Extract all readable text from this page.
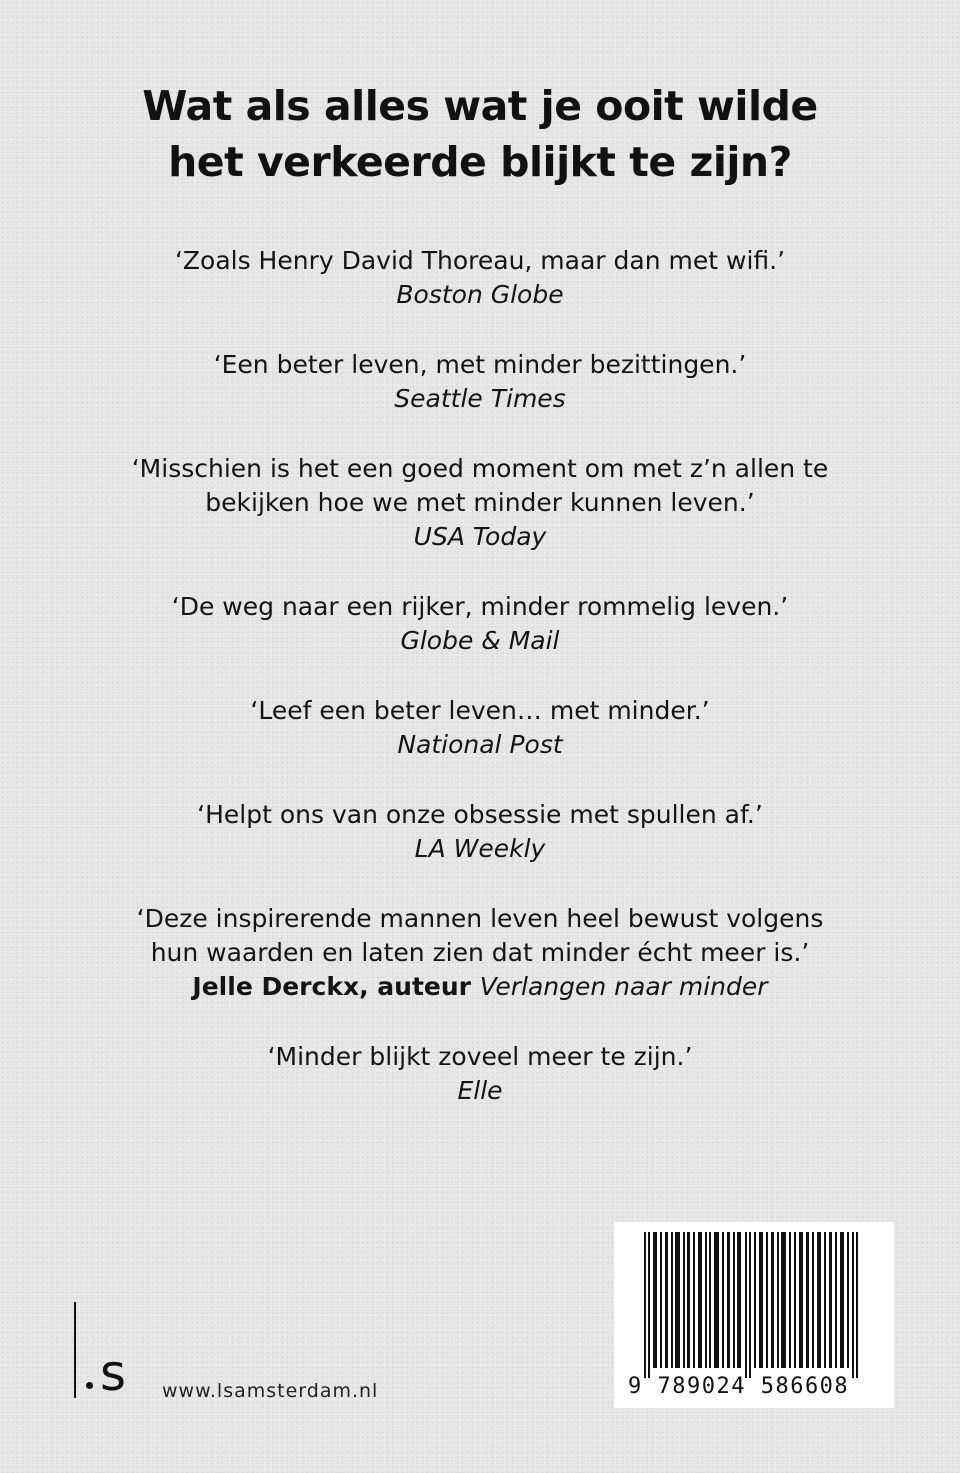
Wat als alles wat je ooit wilde
het verkeerde blijkt te zijn?
‘Zoals Henry David Thoreau, maar dan met wifi.’
Boston Globe
‘Een beter leven, met minder bezittingen.’
Seattle Times
‘Misschien is het een goed moment om met z’n allen te
bekijken hoe we met minder kunnen leven.’
USA Today
‘De weg naar een rijker, minder rommelig leven.’
Globe & Mail
‘Leef een beter leven… met minder.’
National Post
‘Helpt ons van onze obsessie met spullen af.’
LA Weekly
‘Deze inspirerende mannen leven heel bewust volgens
hun waarden en laten zien dat minder écht meer is.’
Jelle Derckx, auteur Verlangen naar minder
‘Minder blijkt zoveel meer te zijn.’
Elle
s www.lsamsterdam.nl	9 789024 586608
